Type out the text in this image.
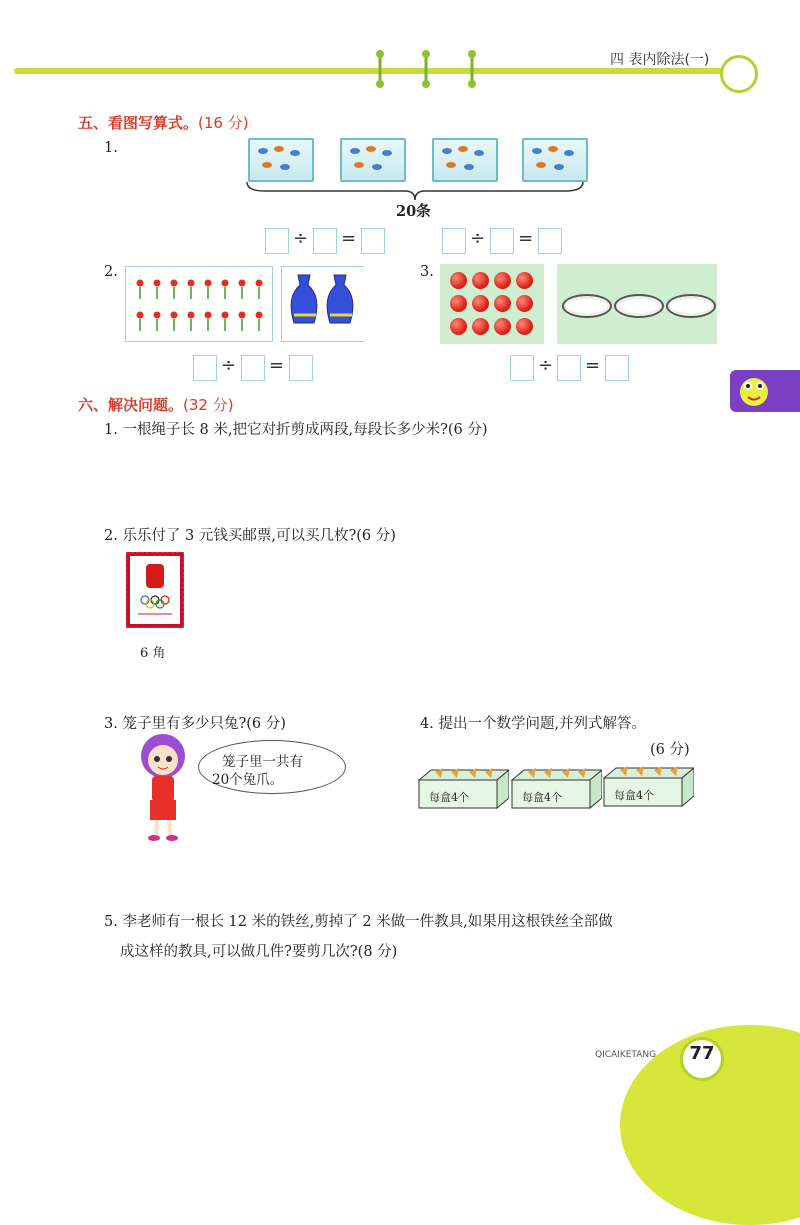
四 表内除法(一)
五、看图写算式。(16 分)
1.
20条
÷ =	÷ =
2.
÷ =
3.
÷ =
六、解决问题。(32 分)
1. 一根绳子长 8 米,把它对折剪成两段,每段长多少米?(6 分)
2. 乐乐付了 3 元钱买邮票,可以买几枚?(6 分)
6 角
3. 笼子里有多少只兔?(6 分)
笼子里一共有
20个兔爪。
4. 提出一个数学问题,并列式解答。
(6 分)
每盒4个	每盒4个	每盒4个
5. 李老师有一根长 12 米的铁丝,剪掉了 2 米做一件教具,如果用这根铁丝全部做
成这样的教具,可以做几件?要剪几次?(8 分)
77
QICAIKETANG
